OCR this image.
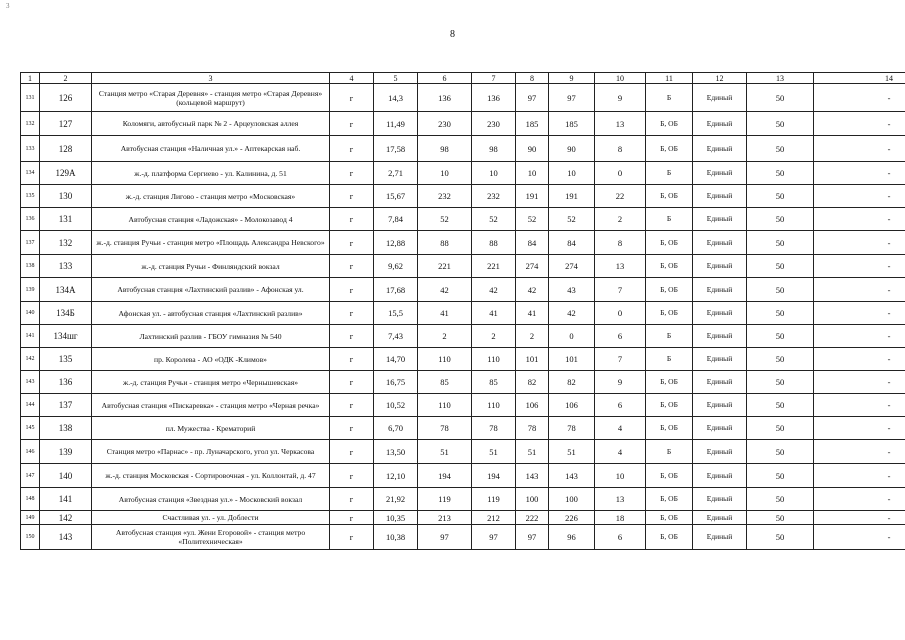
3
8
1	2	3	4	5	6	7	8	9	10	11	12	13	14
131	126	Станция метро «Старая Деревня» - станция метро «Старая Деревня» (кольцевой маршрут)	г	14,3	136	136	97	97	9	Б	Единый	50	-
132	127	Коломяги, автобусный парк № 2 - Арцеуловская аллея	г	11,49	230	230	185	185	13	Б, ОБ	Единый	50	-
133	128	Автобусная станция «Наличная ул.» - Аптекарская наб.	г	17,58	98	98	90	90	8	Б, ОБ	Единый	50	-
134	129А	ж.-д. платформа Сергиево - ул. Калинина, д. 51	г	2,71	10	10	10	10	0	Б	Единый	50	-
135	130	ж.-д. станция Лигово - станция метро «Московская»	г	15,67	232	232	191	191	22	Б, ОБ	Единый	50	-
136	131	Автобусная станция «Ладожская» - Молокозавод 4	г	7,84	52	52	52	52	2	Б	Единый	50	-
137	132	ж.-д. станция Ручьи - станция метро «Площадь Александра Невского»	г	12,88	88	88	84	84	8	Б, ОБ	Единый	50	-
138	133	ж.-д. станция Ручьи - Финляндский вокзал	г	9,62	221	221	274	274	13	Б, ОБ	Единый	50	-
139	134А	Автобусная станция «Лахтинский разлив» - Афонская ул.	г	17,68	42	42	42	43	7	Б, ОБ	Единый	50	-
140	134Б	Афонская ул. - автобусная станция «Лахтинский разлив»	г	15,5	41	41	41	42	0	Б, ОБ	Единый	50	-
141	134шг	Лахтинский разлив - ГБОУ гимназия № 540	г	7,43	2	2	2	0	6	Б	Единый	50	-
142	135	пр. Королева - АО «ОДК -Климов»	г	14,70	110	110	101	101	7	Б	Единый	50	-
143	136	ж.-д. станция Ручьи - станция метро «Чернышевская»	г	16,75	85	85	82	82	9	Б, ОБ	Единый	50	-
144	137	Автобусная станция «Пискаревка» - станция метро «Черная речка»	г	10,52	110	110	106	106	6	Б, ОБ	Единый	50	-
145	138	пл. Мужества - Крематорий	г	6,70	78	78	78	78	4	Б, ОБ	Единый	50	-
146	139	Станция метро «Парнас» - пр. Луначарского, угол ул. Черкасова	г	13,50	51	51	51	51	4	Б	Единый	50	-
147	140	ж.-д. станция Московская - Сортировочная - ул. Коллонтай, д. 47	г	12,10	194	194	143	143	10	Б, ОБ	Единый	50	-
148	141	Автобусная станция «Звездная ул.» - Московский вокзал	г	21,92	119	119	100	100	13	Б, ОБ	Единый	50	-
149	142	Счастливая ул. - ул. Доблести	г	10,35	213	212	222	226	18	Б, ОБ	Единый	50	-
150	143	Автобусная станция «ул. Жени Егоровой» - станция метро «Политехническая»	г	10,38	97	97	97	96	6	Б, ОБ	Единый	50	-
